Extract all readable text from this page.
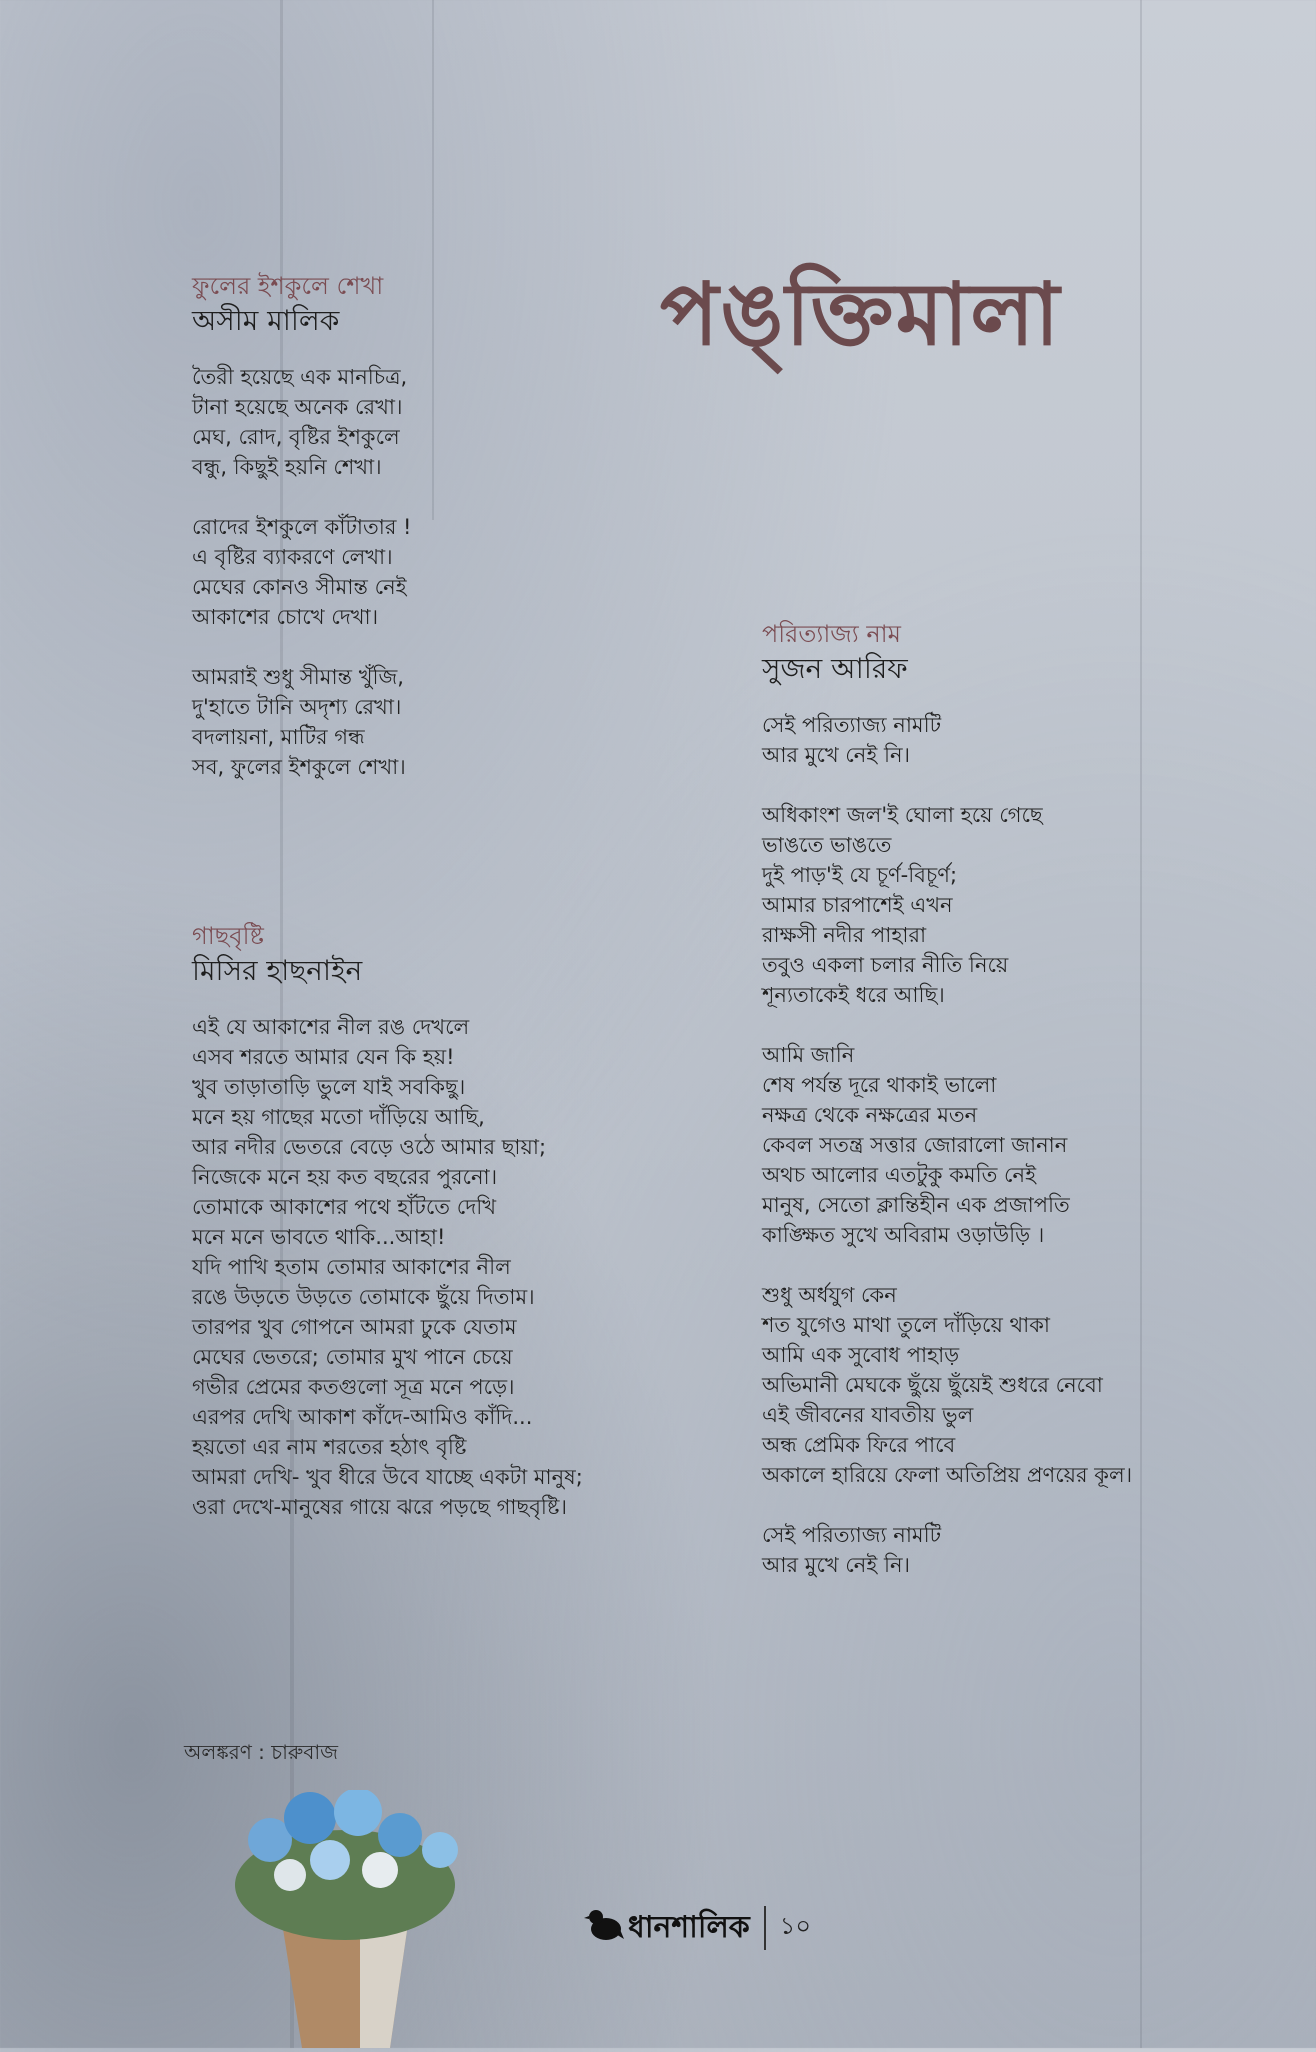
পঙ্‌ক্তিমালা
ফুলের ইশকুলে শেখা
অসীম মালিক
তৈরী হয়েছে এক মানচিত্র,
টানা হয়েছে অনেক রেখা।
মেঘ, রোদ, বৃষ্টির ইশকুলে
বন্ধু, কিছুই হয়নি শেখা।
রোদের ইশকুলে কাঁটাতার !
এ বৃষ্টির ব্যাকরণে লেখা।
মেঘের কোনও সীমান্ত নেই
আকাশের চোখে দেখা।
আমরাই শুধু সীমান্ত খুঁজি,
দু'হাতে টানি অদৃশ্য রেখা।
বদলায়না, মাটির গন্ধ
সব, ফুলের ইশকুলে শেখা।
গাছবৃষ্টি
মিসির হাছনাইন
এই যে আকাশের নীল রঙ দেখলে
এসব শরতে আমার যেন কি হয়!
খুব তাড়াতাড়ি ভুলে যাই সবকিছু।
মনে হয় গাছের মতো দাঁড়িয়ে আছি,
আর নদীর ভেতরে বেড়ে ওঠে আমার ছায়া;
নিজেকে মনে হয় কত বছরের পুরনো।
তোমাকে আকাশের পথে হাঁটতে দেখি
মনে মনে ভাবতে থাকি...আহা!
যদি পাখি হতাম তোমার আকাশের নীল
রঙে উড়তে উড়তে তোমাকে ছুঁয়ে দিতাম।
তারপর খুব গোপনে আমরা ঢুকে যেতাম
মেঘের ভেতরে; তোমার মুখ পানে চেয়ে
গভীর প্রেমের কতগুলো সূত্র মনে পড়ে।
এরপর দেখি আকাশ কাঁদে-আমিও কাঁদি...
হয়তো এর নাম শরতের হঠাৎ বৃষ্টি
আমরা দেখি- খুব ধীরে উবে যাচ্ছে একটা মানুষ;
ওরা দেখে-মানুষের গায়ে ঝরে পড়ছে গাছবৃষ্টি।
পরিত্যাজ্য নাম
সুজন আরিফ
সেই পরিত্যাজ্য নামটি
আর মুখে নেই নি।
অধিকাংশ জল'ই ঘোলা হয়ে গেছে
ভাঙতে ভাঙতে
দুই পাড়'ই যে চূর্ণ-বিচূর্ণ;
আমার চারপাশেই এখন
রাক্ষসী নদীর পাহারা
তবুও একলা চলার নীতি নিয়ে
শূন্যতাকেই ধরে আছি।
আমি জানি
শেষ পর্যন্ত দূরে থাকাই ভালো
নক্ষত্র থেকে নক্ষত্রের মতন
কেবল সতন্ত্র সত্তার জোরালো জানান
অথচ আলোর এতটুকু কমতি নেই
মানুষ, সেতো ক্লান্তিহীন এক প্রজাপতি
কাঙ্ক্ষিত সুখে অবিরাম ওড়াউড়ি ।
শুধু অর্ধযুগ কেন
শত যুগেও মাথা তুলে দাঁড়িয়ে থাকা
আমি এক সুবোধ পাহাড়
অভিমানী মেঘকে ছুঁয়ে ছুঁয়েই শুধরে নেবো
এই জীবনের যাবতীয় ভুল
অন্ধ প্রেমিক ফিরে পাবে
অকালে হারিয়ে ফেলা অতিপ্রিয় প্রণয়ের কূল।
সেই পরিত্যাজ্য নামটি
আর মুখে নেই নি।
অলঙ্করণ : চারুবাজ
ধানশালিক ১০
